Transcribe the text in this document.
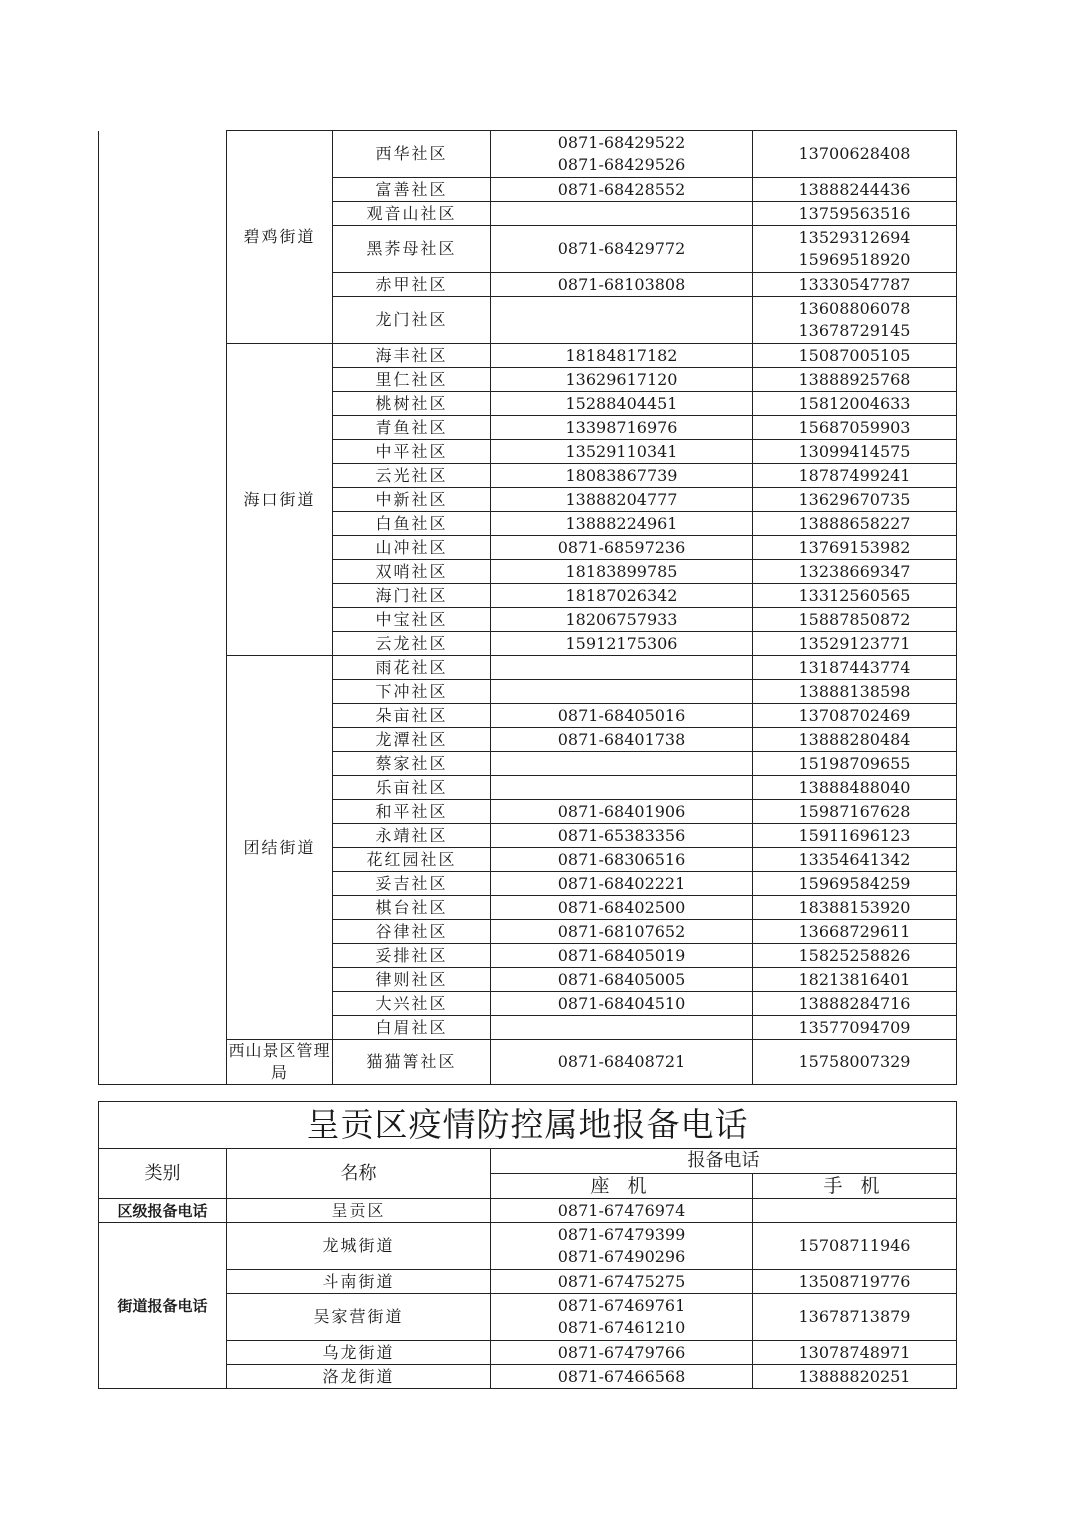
	碧鸡街道	西华社区	0871-68429522
0871-68429526	13700628408

		富善社区	0871-68428552	13888244436

		观音山社区		13759563516

		黑荞母社区	0871-68429772	13529312694
15969518920

		赤甲社区	0871-68103808	13330547787

		龙门社区		13608806078
13678729145

	海口街道	海丰社区	18184817182	15087005105

		里仁社区	13629617120	13888925768

		桃树社区	15288404451	15812004633

		青鱼社区	13398716976	15687059903

		中平社区	13529110341	13099414575

		云光社区	18083867739	18787499241

		中新社区	13888204777	13629670735

		白鱼社区	13888224961	13888658227

		山冲社区	0871-68597236	13769153982

		双哨社区	18183899785	13238669347

		海门社区	18187026342	13312560565

		中宝社区	18206757933	15887850872

		云龙社区	15912175306	13529123771

	团结街道	雨花社区		13187443774

		下冲社区		13888138598

		朵亩社区	0871-68405016	13708702469

		龙潭社区	0871-68401738	13888280484

		蔡家社区		15198709655

		乐亩社区		13888488040

		和平社区	0871-68401906	15987167628

		永靖社区	0871-65383356	15911696123

		花红园社区	0871-68306516	13354641342

		妥吉社区	0871-68402221	15969584259

		棋台社区	0871-68402500	18388153920

		谷律社区	0871-68107652	13668729611

		妥排社区	0871-68405019	15825258826

		律则社区	0871-68405005	18213816401

		大兴社区	0871-68404510	13888284716

		白眉社区		13577094709

	西山景区管理局	猫猫箐社区	0871-68408721	15758007329
呈贡区疫情防控属地报备电话			
类别	名称	报备电话	
		座 机	手 机
区级报备电话	呈贡区	0871-67476974	

街道报备电话	龙城街道	0871-67479399
0871-67490296	15708711946

	斗南街道	0871-67475275	13508719776

	吴家营街道	0871-67469761
0871-67461210	13678713879

	乌龙街道	0871-67479766	13078748971

	洛龙街道	0871-67466568	13888820251
